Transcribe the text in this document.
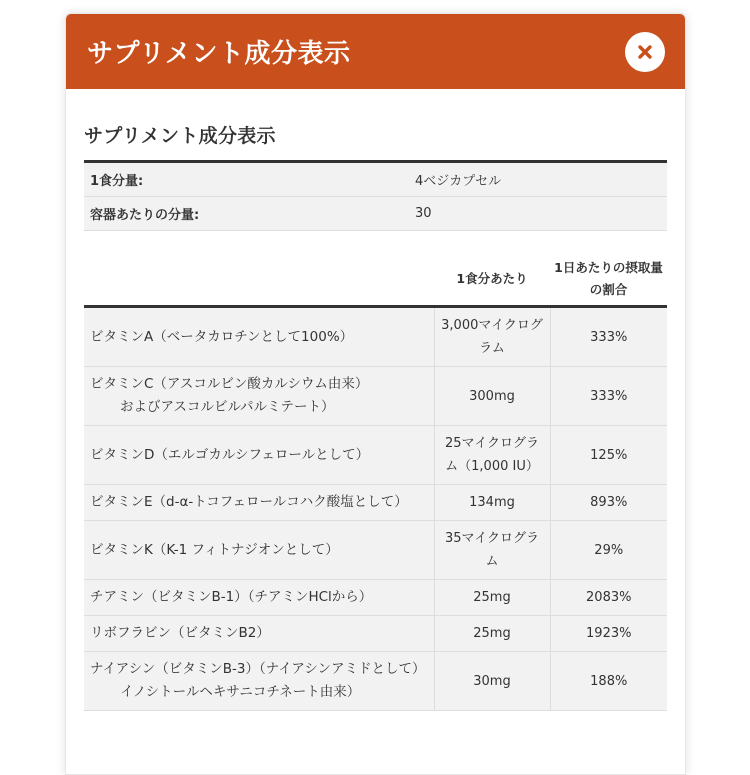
サプリメント成分表示
サプリメント成分表示
1食分量:	4ベジカプセル
容器あたりの分量:	30
	1食分あたり	1日あたりの摂取量の割合
ビタミンA（ベータカロチンとして100%）	3,000マイクログラム	333%
ビタミンC（アスコルビン酸カルシウム由来）
およびアスコルビルパルミテート）	300mg	333%
ビタミンD（エルゴカルシフェロールとして）	25マイクログラム（1,000 IU）	125%
ビタミンE（d-α-トコフェロールコハク酸塩として）	134mg	893%
ビタミンK（K-1 フィトナジオンとして）	35マイクログラム	29%
チアミン（ビタミンB-1）（チアミンHClから）	25mg	2083%
リボフラビン（ビタミンB2）	25mg	1923%
ナイアシン（ビタミンB-3）（ナイアシンアミドとして）
イノシトールヘキサニコチネート由来）	30mg	188%
